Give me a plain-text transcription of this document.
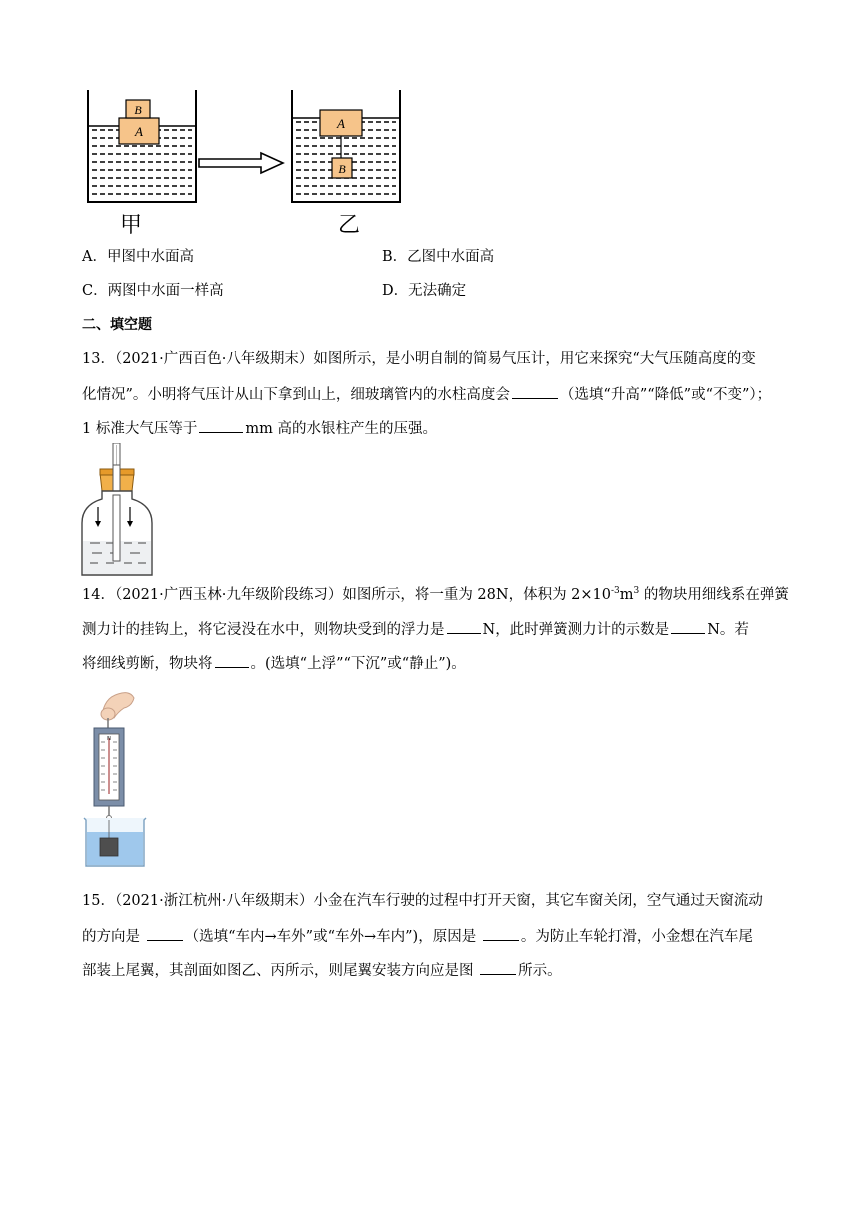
A
B
甲
A
B
乙
A．甲图中水面高	B．乙图中水面高
C．两图中水面一样高	D．无法确定
二、填空题
13．（2021·广西百色·八年级期末）如图所示，是小明自制的简易气压计，用它来探究“大气压随高度的变
化情况”。小明将气压计从山下拿到山上，细玻璃管内的水柱高度会	（选填“升高”“降低”或“不变”）；
1 标准大气压等于	mm 高的水银柱产生的压强。
14．（2021·广西玉林·九年级阶段练习）如图所示，将一重为 28N，体积为 $2\times 10^{-3}m^3$ 的物块用细线系在弹簧
测力计的挂钩上，将它浸没在水中，则物块受到的浮力是	N，此时弹簧测力计的示数是	N。若
将细线剪断，物块将	。(选填“上浮”“下沉”或“静止”)。
N
15．（2021·浙江杭州·八年级期末）小金在汽车行驶的过程中打开天窗，其它车窗关闭，空气通过天窗流动
的方向是	（选填“车内→车外”或“车外→车内”)，原因是	。为防止车轮打滑，小金想在汽车尾
部装上尾翼，其剖面如图乙、丙所示，则尾翼安装方向应是图	所示。
